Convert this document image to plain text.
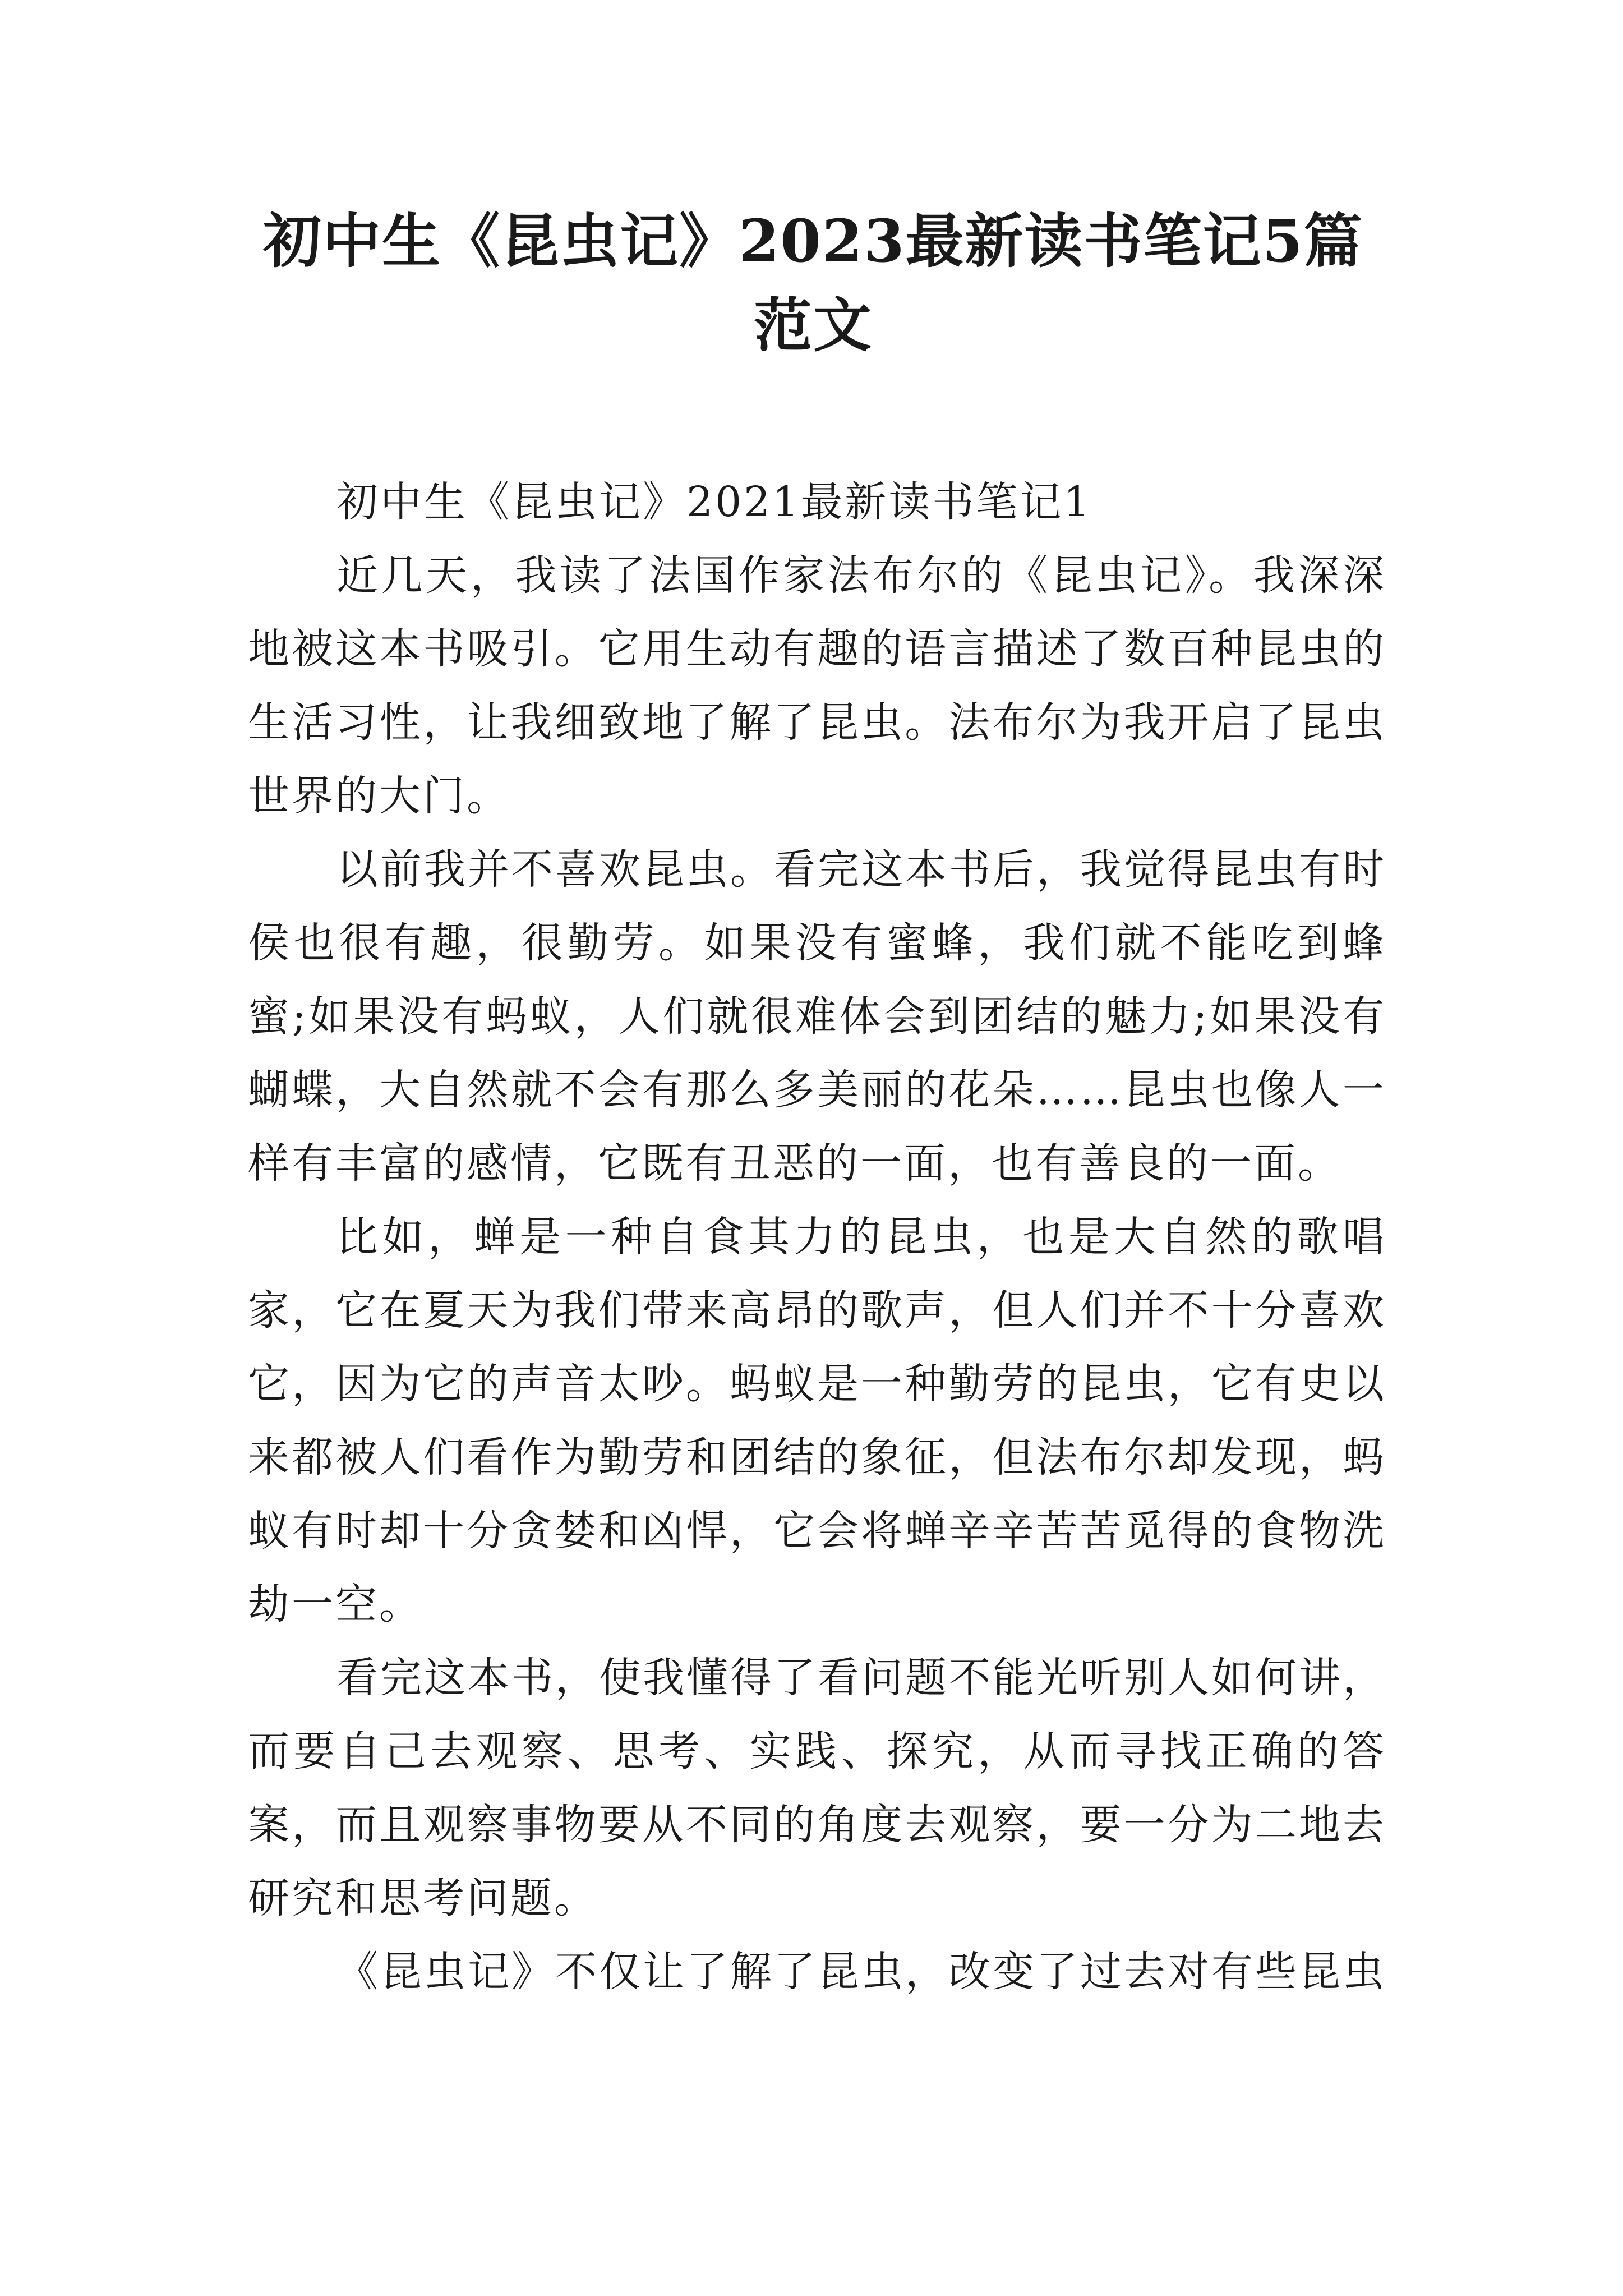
初中生《昆虫记》2023最新读书笔记5篇范文

初中生《昆虫记》2021最新读书笔记1

近几天，我读了法国作家法布尔的《昆虫记》。我深深地被这本书吸引。它用生动有趣的语言描述了数百种昆虫的生活习性，让我细致地了解了昆虫。法布尔为我开启了昆虫世界的大门。

以前我并不喜欢昆虫。看完这本书后，我觉得昆虫有时侯也很有趣，很勤劳。如果没有蜜蜂，我们就不能吃到蜂蜜;如果没有蚂蚁，人们就很难体会到团结的魅力;如果没有蝴蝶，大自然就不会有那么多美丽的花朵……昆虫也像人一样有丰富的感情，它既有丑恶的一面，也有善良的一面。

比如，蝉是一种自食其力的昆虫，也是大自然的歌唱家，它在夏天为我们带来高昂的歌声，但人们并不十分喜欢它，因为它的声音太吵。蚂蚁是一种勤劳的昆虫，它有史以来都被人们看作为勤劳和团结的象征，但法布尔却发现，蚂蚁有时却十分贪婪和凶悍，它会将蝉辛辛苦苦觅得的食物洗劫一空。

看完这本书，使我懂得了看问题不能光听别人如何讲，而要自己去观察、思考、实践、探究，从而寻找正确的答案，而且观察事物要从不同的角度去观察，要一分为二地去研究和思考问题。

《昆虫记》不仅让了解了昆虫，改变了过去对有些昆虫
